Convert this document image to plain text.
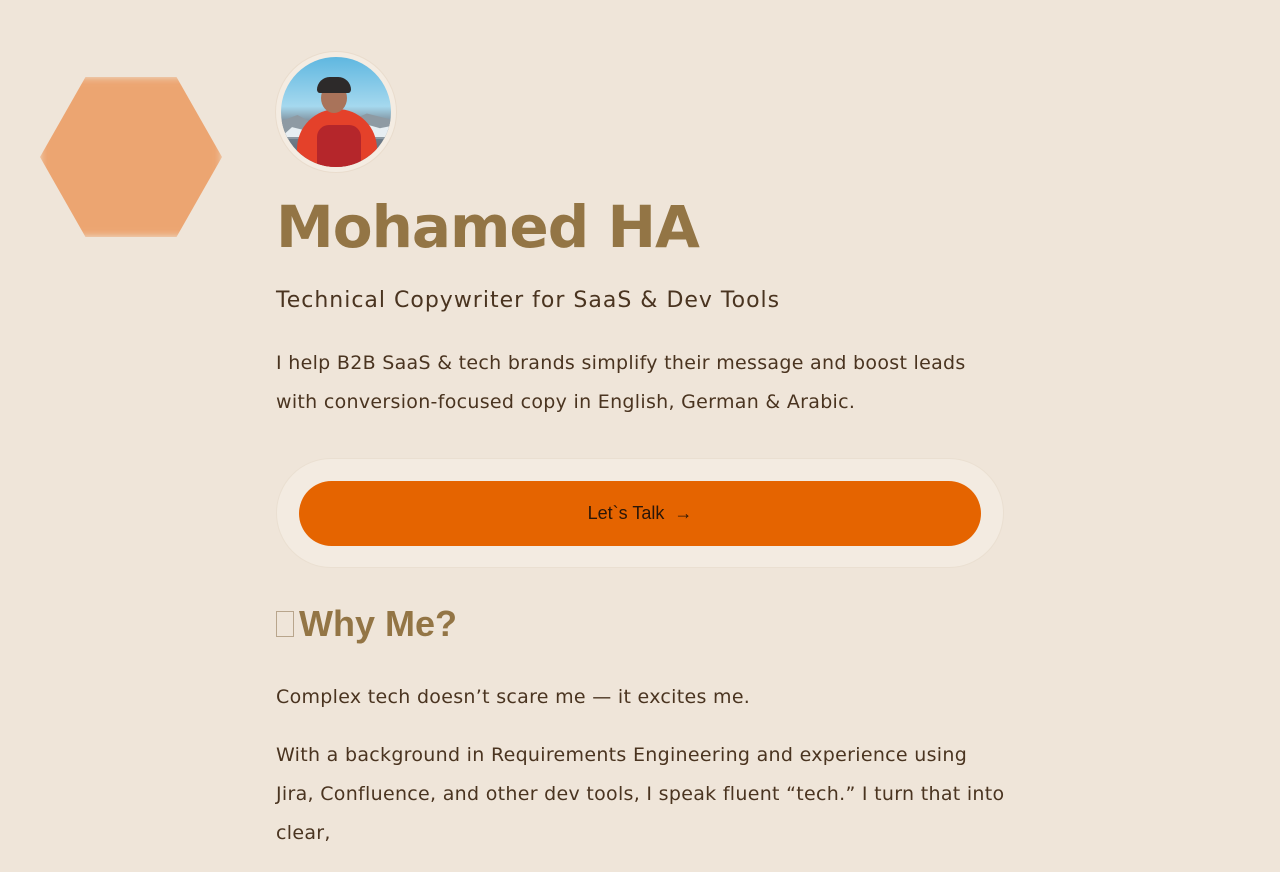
Mohamed HA
Technical Copywriter for SaaS & Dev Tools
I help B2B SaaS & tech brands simplify their message and boost leads with conversion-focused copy in English, German & Arabic.
Let`s Talk →
Why Me?

Complex tech doesn’t scare me — it excites me.

With a background in Requirements Engineering and experience using Jira, Confluence, and other dev tools, I speak fluent “tech.” I turn that into clear,
